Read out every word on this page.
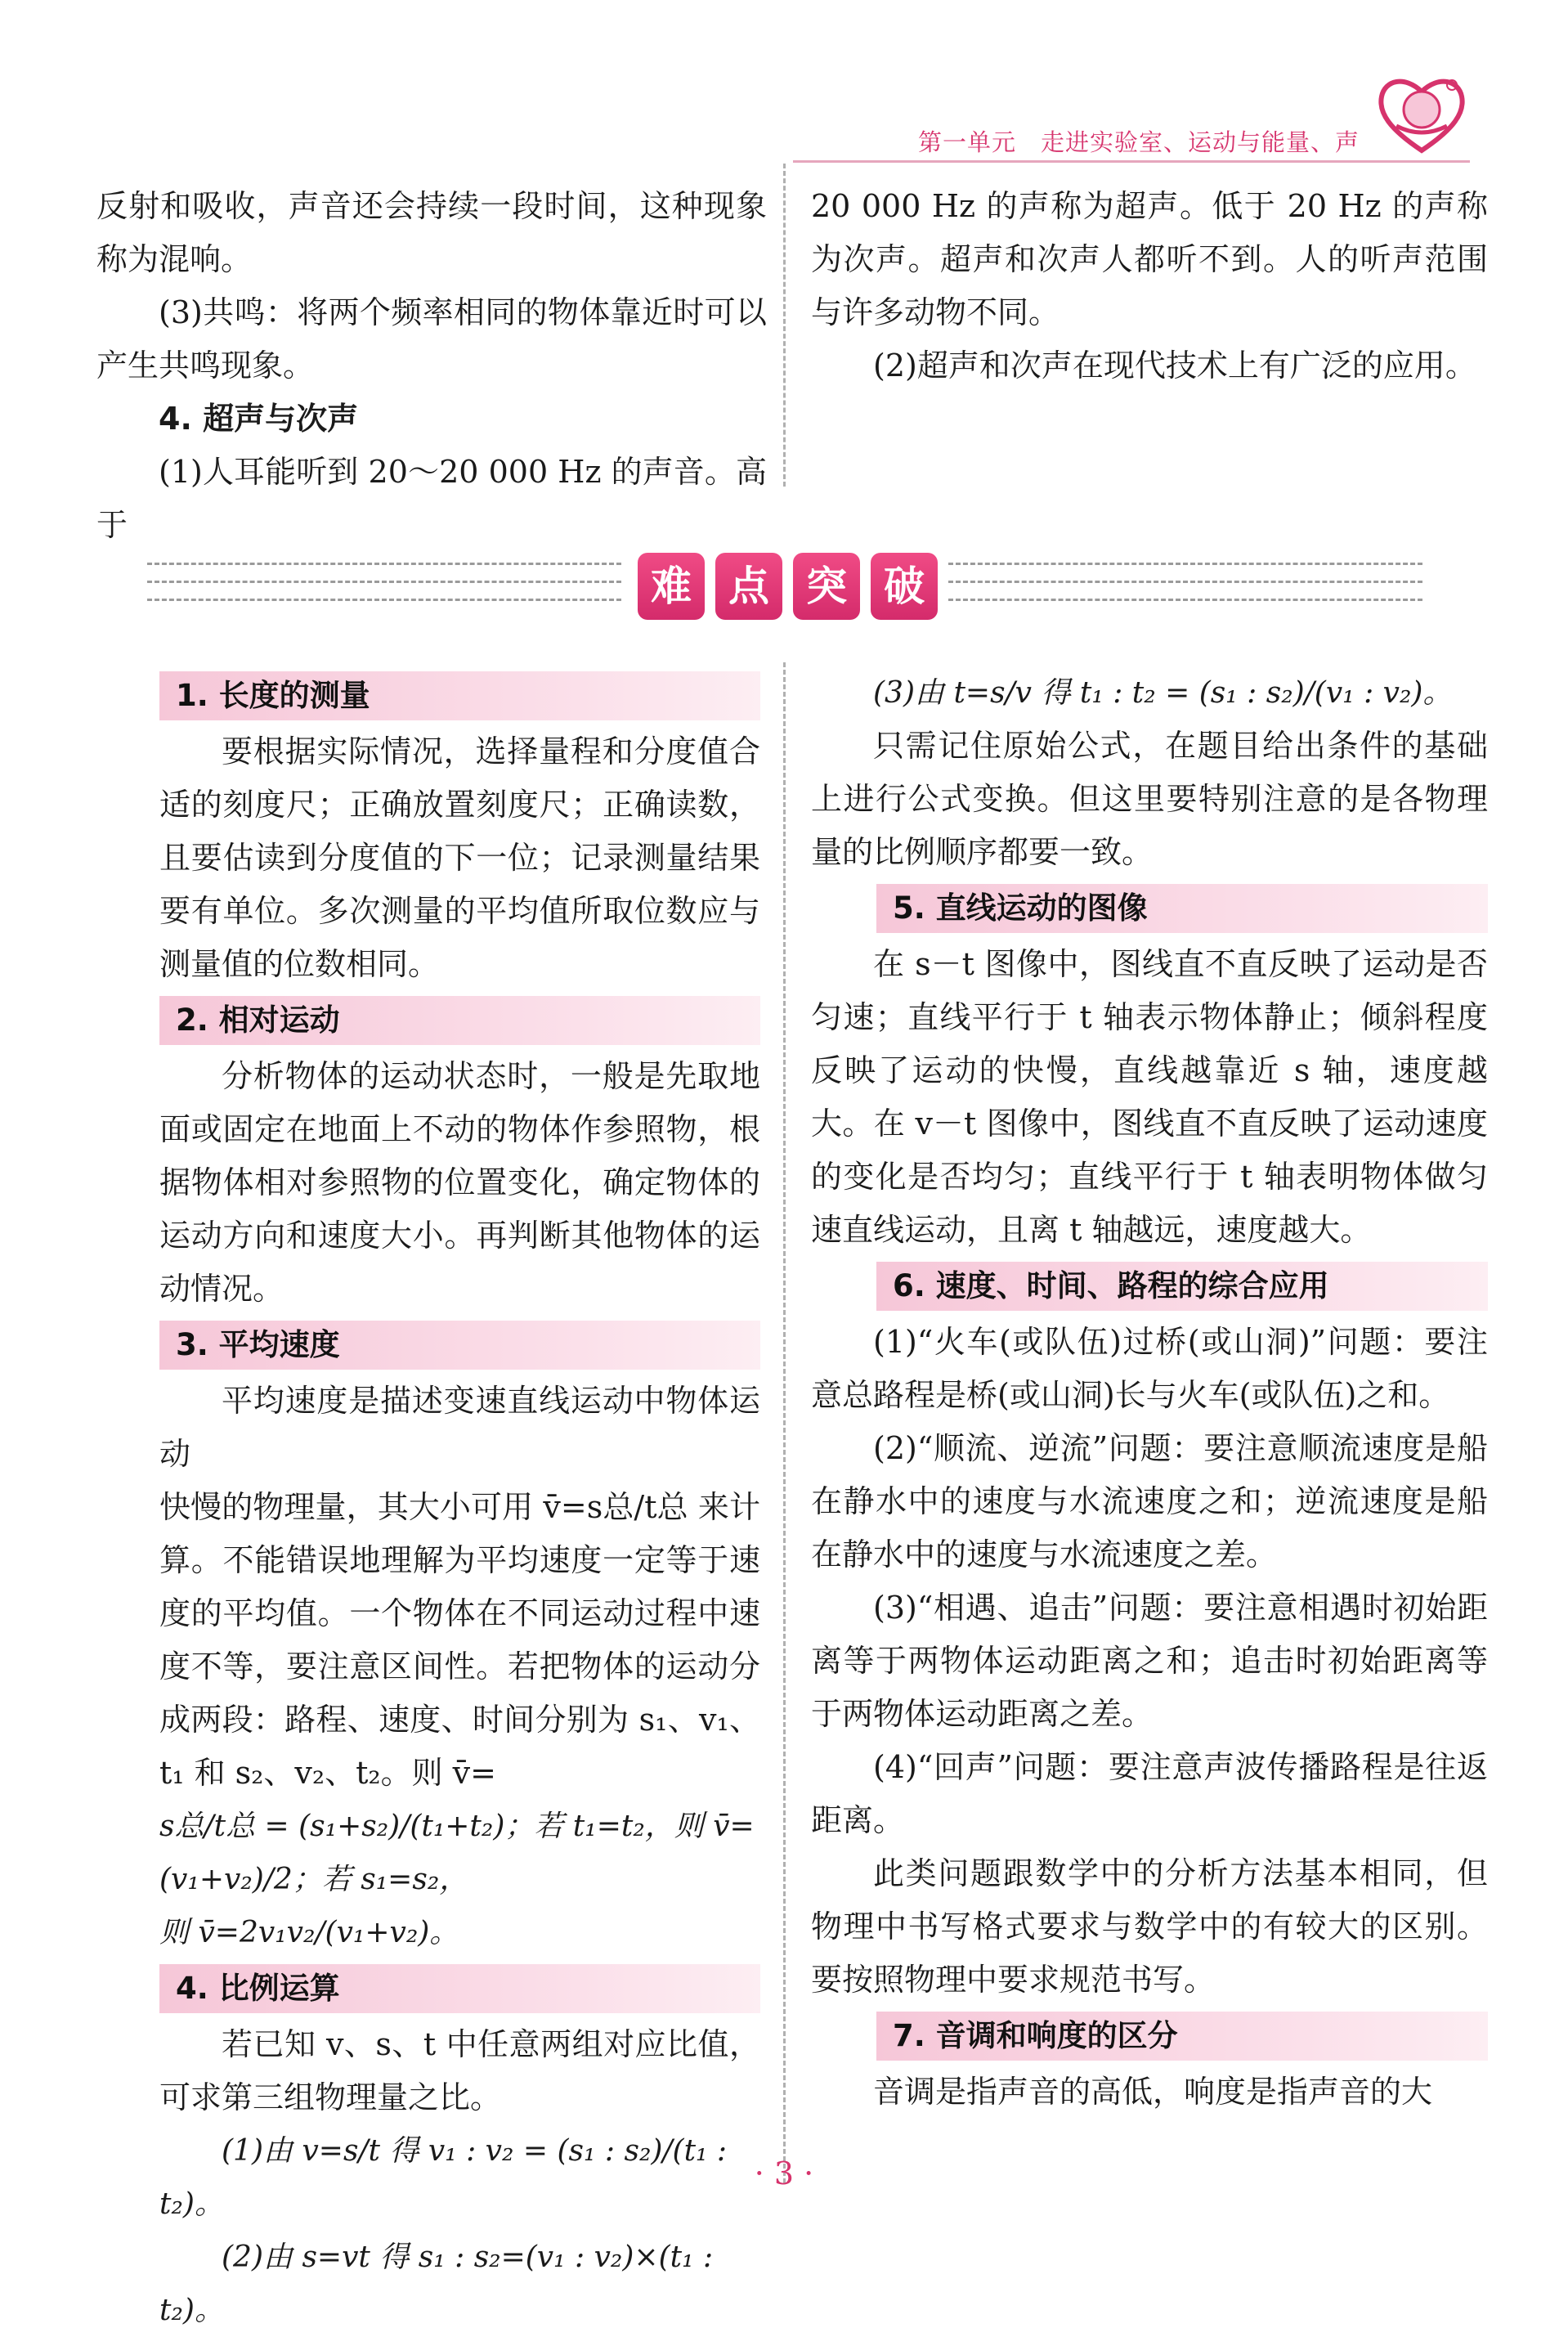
第一单元　走进实验室、运动与能量、声

反射和吸收，声音还会持续一段时间，这种现象称为混响。

(3)共鸣：将两个频率相同的物体靠近时可以产生共鸣现象。

4. 超声与次声

(1)人耳能听到 20～20 000 Hz 的声音。高于

20 000 Hz 的声称为超声。低于 20 Hz 的声称为次声。超声和次声人都听不到。人的听声范围与许多动物不同。

(2)超声和次声在现代技术上有广泛的应用。

难 点 突 破
1. 长度的测量

要根据实际情况，选择量程和分度值合适的刻度尺；正确放置刻度尺；正确读数，且要估读到分度值的下一位；记录测量结果要有单位。多次测量的平均值所取位数应与测量值的位数相同。

2. 相对运动

分析物体的运动状态时，一般是先取地面或固定在地面上不动的物体作参照物，根据物体相对参照物的位置变化，确定物体的运动方向和速度大小。再判断其他物体的运动情况。

3. 平均速度

平均速度是描述变速直线运动中物体运动

快慢的物理量，其大小可用 v̄=s总/t总 来计算。不能错误地理解为平均速度一定等于速度的平均值。一个物体在不同运动过程中速度不等，要注意区间性。若把物体的运动分成两段：路程、速度、时间分别为 s₁、v₁、t₁ 和 s₂、v₂、t₂。则 v̄=

s总/t总 = (s₁+s₂)/(t₁+t₂)；若 t₁=t₂，则 v̄=(v₁+v₂)/2；若 s₁=s₂，

则 v̄=2v₁v₂/(v₁+v₂)。

4. 比例运算

若已知 v、s、t 中任意两组对应比值，可求第三组物理量之比。

(1)由 v=s/t 得 v₁ : v₂ = (s₁ : s₂)/(t₁ : t₂)。

(2)由 s=vt 得 s₁ : s₂=(v₁ : v₂)×(t₁ : t₂)。

(3)由 t=s/v 得 t₁ : t₂ = (s₁ : s₂)/(v₁ : v₂)。

只需记住原始公式，在题目给出条件的基础上进行公式变换。但这里要特别注意的是各物理量的比例顺序都要一致。

5. 直线运动的图像

在 s－t 图像中，图线直不直反映了运动是否匀速；直线平行于 t 轴表示物体静止；倾斜程度反映了运动的快慢，直线越靠近 s 轴，速度越大。在 v－t 图像中，图线直不直反映了运动速度的变化是否均匀；直线平行于 t 轴表明物体做匀速直线运动，且离 t 轴越远，速度越大。

6. 速度、时间、路程的综合应用

(1)“火车(或队伍)过桥(或山洞)”问题：要注意总路程是桥(或山洞)长与火车(或队伍)之和。

(2)“顺流、逆流”问题：要注意顺流速度是船在静水中的速度与水流速度之和；逆流速度是船在静水中的速度与水流速度之差。

(3)“相遇、追击”问题：要注意相遇时初始距离等于两物体运动距离之和；追击时初始距离等于两物体运动距离之差。

(4)“回声”问题：要注意声波传播路程是往返距离。

此类问题跟数学中的分析方法基本相同，但物理中书写格式要求与数学中的有较大的区别。要按照物理中要求规范书写。

7. 音调和响度的区分

音调是指声音的高低，响度是指声音的大

· 3 ·
